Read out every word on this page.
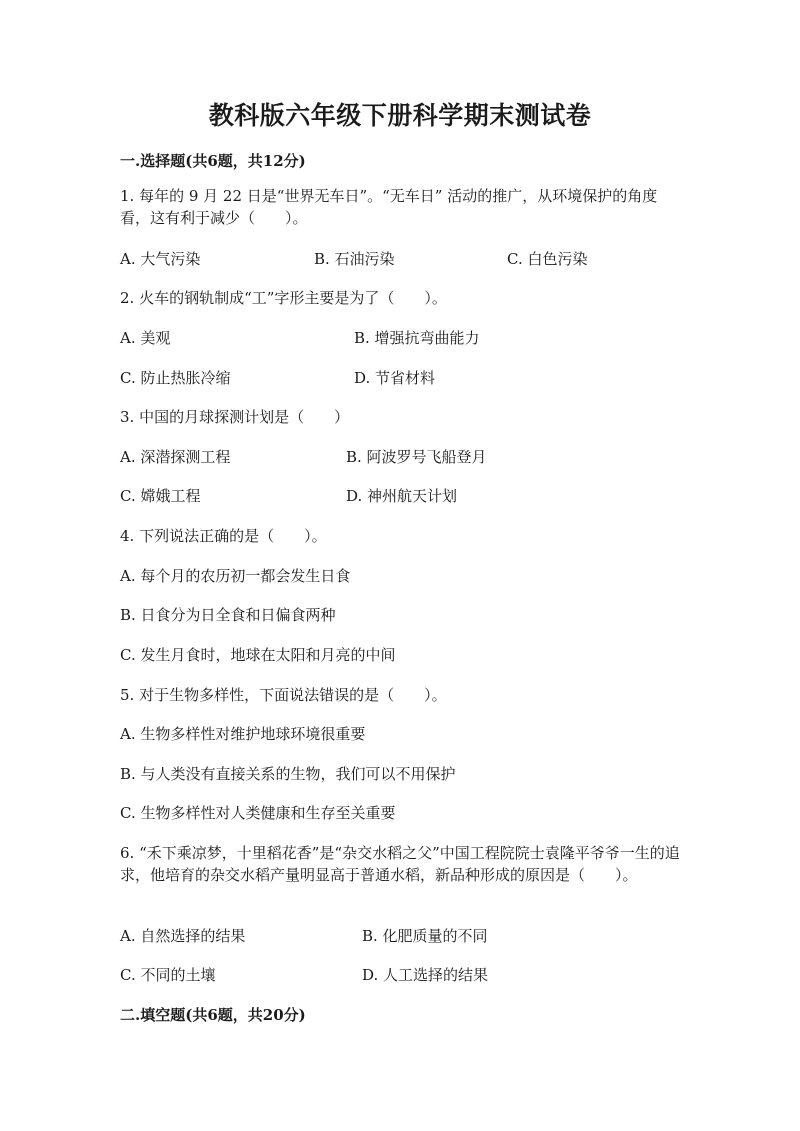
教科版六年级下册科学期末测试卷
一.选择题(共6题，共12分)
1. 每年的 9 月 22 日是“世界无车日”。“无车日” 活动的推广，从环境保护的角度看，这有利于减少（　　）。
A. 大气污染	B. 石油污染	C. 白色污染
2. 火车的钢轨制成“工”字形主要是为了（　　）。
A. 美观	B. 增强抗弯曲能力
C. 防止热胀冷缩	D. 节省材料
3. 中国的月球探测计划是（　　）
A. 深潜探测工程	B. 阿波罗号飞船登月
C. 嫦娥工程	D. 神州航天计划
4. 下列说法正确的是（　　）。
A. 每个月的农历初一都会发生日食
B. 日食分为日全食和日偏食两种
C. 发生月食时，地球在太阳和月亮的中间
5. 对于生物多样性，下面说法错误的是（　　）。
A. 生物多样性对维护地球环境很重要
B. 与人类没有直接关系的生物，我们可以不用保护
C. 生物多样性对人类健康和生存至关重要
6. “禾下乘凉梦，十里稻花香”是“杂交水稻之父”中国工程院院士袁隆平爷爷一生的追求，他培育的杂交水稻产量明显高于普通水稻，新品种形成的原因是（　　）。
A. 自然选择的结果	B. 化肥质量的不同
C. 不同的土壤	D. 人工选择的结果
二.填空题(共6题，共20分)
